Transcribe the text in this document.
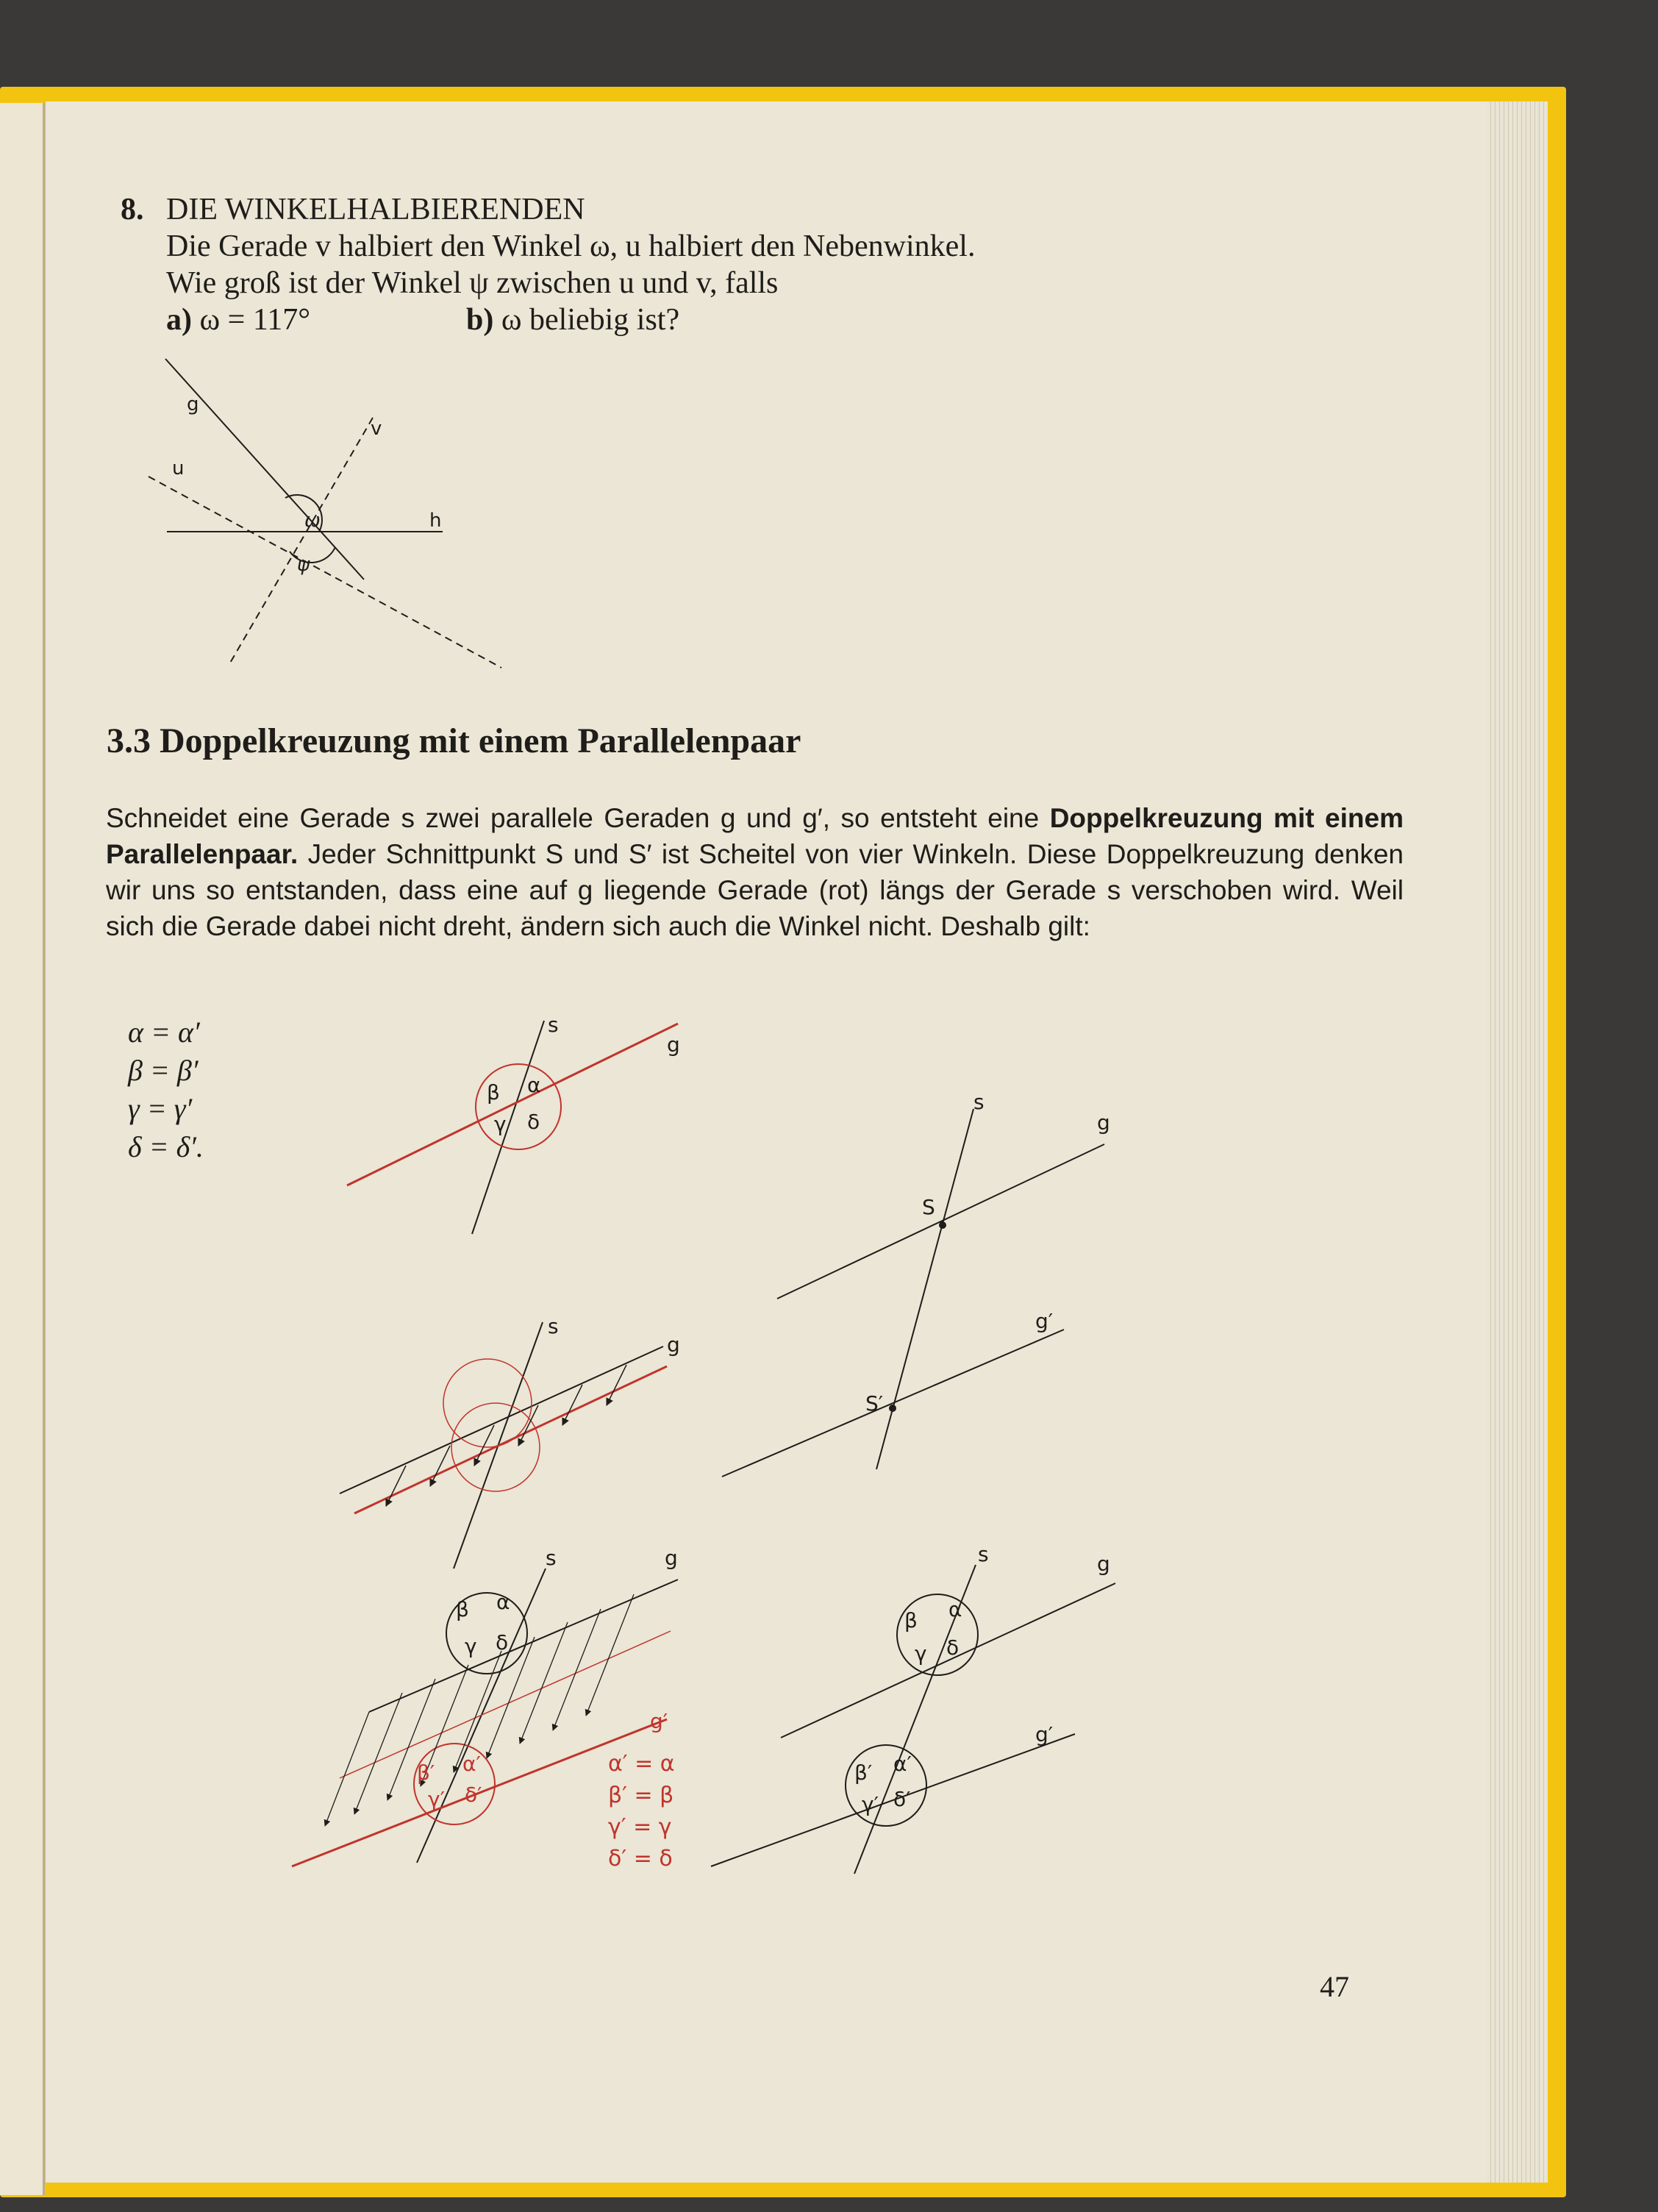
8. DIE WINKELHALBIERENDEN
Die Gerade v halbiert den Winkel ω, u halbiert den Nebenwinkel.
Wie groß ist der Winkel ψ zwischen u und v, falls
a) ω = 117°	b) ω beliebig ist?
g
v
u
h
ω
ψ
3.3 Doppelkreuzung mit einem Parallelenpaar

Schneidet eine Gerade s zwei parallele Geraden g und g′, so entsteht eine Doppelkreuzung mit einem Parallelenpaar. Jeder Schnittpunkt S und S′ ist Scheitel von vier Winkeln. Diese Doppelkreuzung denken wir uns so entstanden, dass eine auf g liegende Gerade (rot) längs der Gerade s verschoben wird. Weil sich die Gerade dabei nicht dreht, ändern sich auch die Winkel nicht. Deshalb gilt:

α = α′
β = β′
γ = γ′
δ = δ′.
s
g
β α
γ δ
s
g
s	g
β α
γ δ
g′
β′ α′
γ′ δ′
α′ = α
β′ = β
γ′ = γ
δ′ = δ
s
g
S
g′
S′
s	g
β α
γ δ
g′
β′ α′
γ′ δ′
47
